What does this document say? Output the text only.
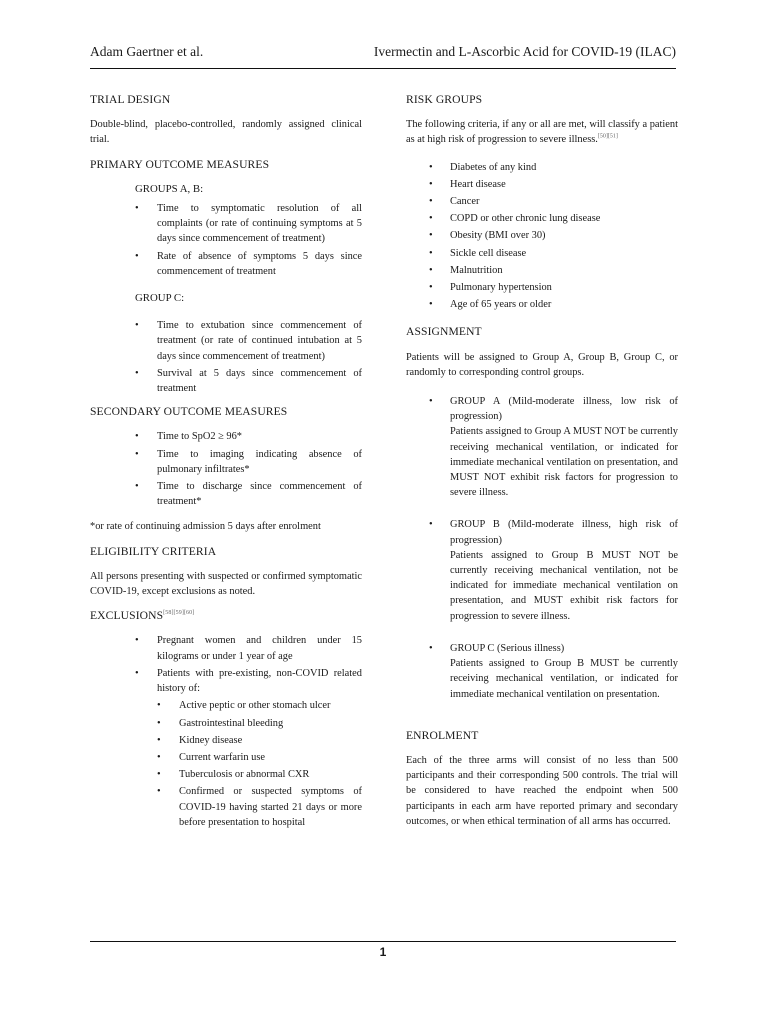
Adam Gaertner et al.	Ivermectin and L-Ascorbic Acid for COVID-19 (ILAC)
TRIAL DESIGN
Double-blind, placebo-controlled, randomly assigned clinical trial.
PRIMARY OUTCOME MEASURES
GROUPS A, B:
• Time to symptomatic resolution of all complaints (or rate of continuing symptoms at 5 days since commencement of treatment)
• Rate of absence of symptoms 5 days since commencement of treatment
GROUP C:
• Time to extubation since commencement of treatment (or rate of continued intubation at 5 days since commencement of treatment)
• Survival at 5 days since commencement of treatment
SECONDARY OUTCOME MEASURES
• Time to SpO2 ≥ 96*
• Time to imaging indicating absence of pulmonary infiltrates*
• Time to discharge since commencement of treatment*
*or rate of continuing admission 5 days after enrolment
ELIGIBILITY CRITERIA
All persons presenting with suspected or confirmed symptomatic COVID-19, except exclusions as noted.
EXCLUSIONS[58][59][60]
• Pregnant women and children under 15 kilograms or under 1 year of age
• Patients with pre-existing, non-COVID related history of:
• Active peptic or other stomach ulcer
• Gastrointestinal bleeding
• Kidney disease
• Current warfarin use
• Tuberculosis or abnormal CXR
• Confirmed or suspected symptoms of COVID-19 having started 21 days or more before presentation to hospital
RISK GROUPS
The following criteria, if any or all are met, will classify a patient as at high risk of progression to severe illness.[50][51]
• Diabetes of any kind
• Heart disease
• Cancer
• COPD or other chronic lung disease
• Obesity (BMI over 30)
• Sickle cell disease
• Malnutrition
• Pulmonary hypertension
• Age of 65 years or older
ASSIGNMENT
Patients will be assigned to Group A, Group B, Group C, or randomly to corresponding control groups.
• GROUP A (Mild-moderate illness, low risk of progression)
Patients assigned to Group A MUST NOT be currently receiving mechanical ventilation, or indicated for immediate mechanical ventilation on presentation, and MUST NOT exhibit risk factors for progression to severe illness.
• GROUP B (Mild-moderate illness, high risk of progression)
Patients assigned to Group B MUST NOT be currently receiving mechanical ventilation, not be indicated for immediate mechanical ventilation on presentation, and MUST exhibit risk factors for progression to severe illness.
• GROUP C (Serious illness)
Patients assigned to Group B MUST be currently receiving mechanical ventilation, or indicated for immediate mechanical ventilation on presentation.
ENROLMENT
Each of the three arms will consist of no less than 500 participants and their corresponding 500 controls. The trial will be considered to have reached the endpoint when 500 participants in each arm have reported primary and secondary outcomes, or when ethical termination of all arms has occurred.
1
